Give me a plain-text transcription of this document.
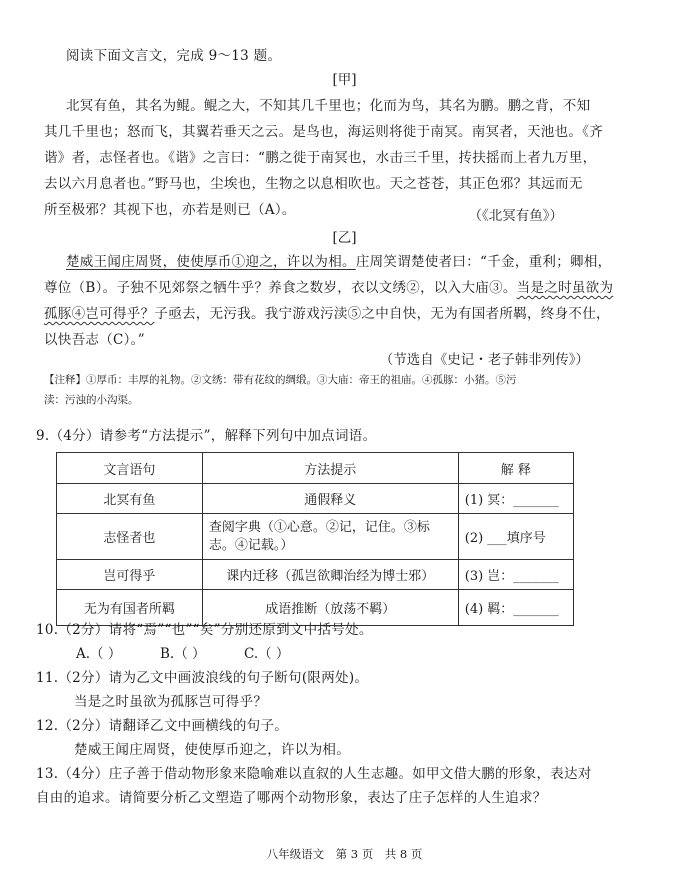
阅读下面文言文，完成 9～13 题。
[甲]
北冥有鱼，其名为鲲。鲲之大，不知其几千里也；化而为鸟，其名为鹏。鹏之背，不知
其几千里也；怒而飞，其翼若垂天之云。是鸟也，海运则将徙于南冥。南冥者，天池也。《齐
谐》者，志怪者也。《谐》之言曰：“鹏之徙于南冥也，水击三千里，抟扶摇而上者九万里，
去以六月息者也。”野马也，尘埃也，生物之以息相吹也。天之苍苍，其正色邪？其远而无
所至极邪？其视下也，亦若是则已（A）。	（《北冥有鱼》）
[乙]
楚威王闻庄周贤，使使厚币①迎之，许以为相。庄周笑谓楚使者曰：“千金，重利；卿相，
尊位（B）。子独不见郊祭之牺牛乎？养食之数岁，衣以文绣②，以入大庙③。当是之时虽欲为
孤豚④岂可得乎？子亟去，无污我。我宁游戏污渎⑤之中自快，无为有国者所羁，终身不仕，
以快吾志（C）。”
（节选自《史记・老子韩非列传》）
【注释】①厚币：丰厚的礼物。②文绣：带有花纹的绸缎。③大庙：帝王的祖庙。④孤豚：小猪。⑤污
渎：污浊的小沟渠。
9.（4分）请参考“方法提示”，解释下列句中加点词语。
文言语句	方法提示	解 释
北冥有鱼	通假释义	(1) 冥：_______
志怪者也	查阅字典（①心意。②记，记住。③标志。④记载。）	(2) ___填序号
岂可得乎	课内迁移（孤岂欲卿治经为博士邪）	(3) 岂：_______
无为有国者所羁	成语推断（放荡不羁）	(4) 羁：_______
10.（2分）请将“焉”“也”“矣”分别还原到文中括号处。
A.（ ）	B.（ ）	C.（ ）
11.（2分）请为乙文中画波浪线的句子断句(限两处)。
当是之时虽欲为孤豚岂可得乎？
12.（2分）请翻译乙文中画横线的句子。
楚威王闻庄周贤，使使厚币迎之，许以为相。
13.（4分）庄子善于借动物形象来隐喻难以直叙的人生志趣。如甲文借大鹏的形象，表达对
自由的追求。请简要分析乙文塑造了哪两个动物形象，表达了庄子怎样的人生追求？
八年级语文　第 3 页　共 8 页
